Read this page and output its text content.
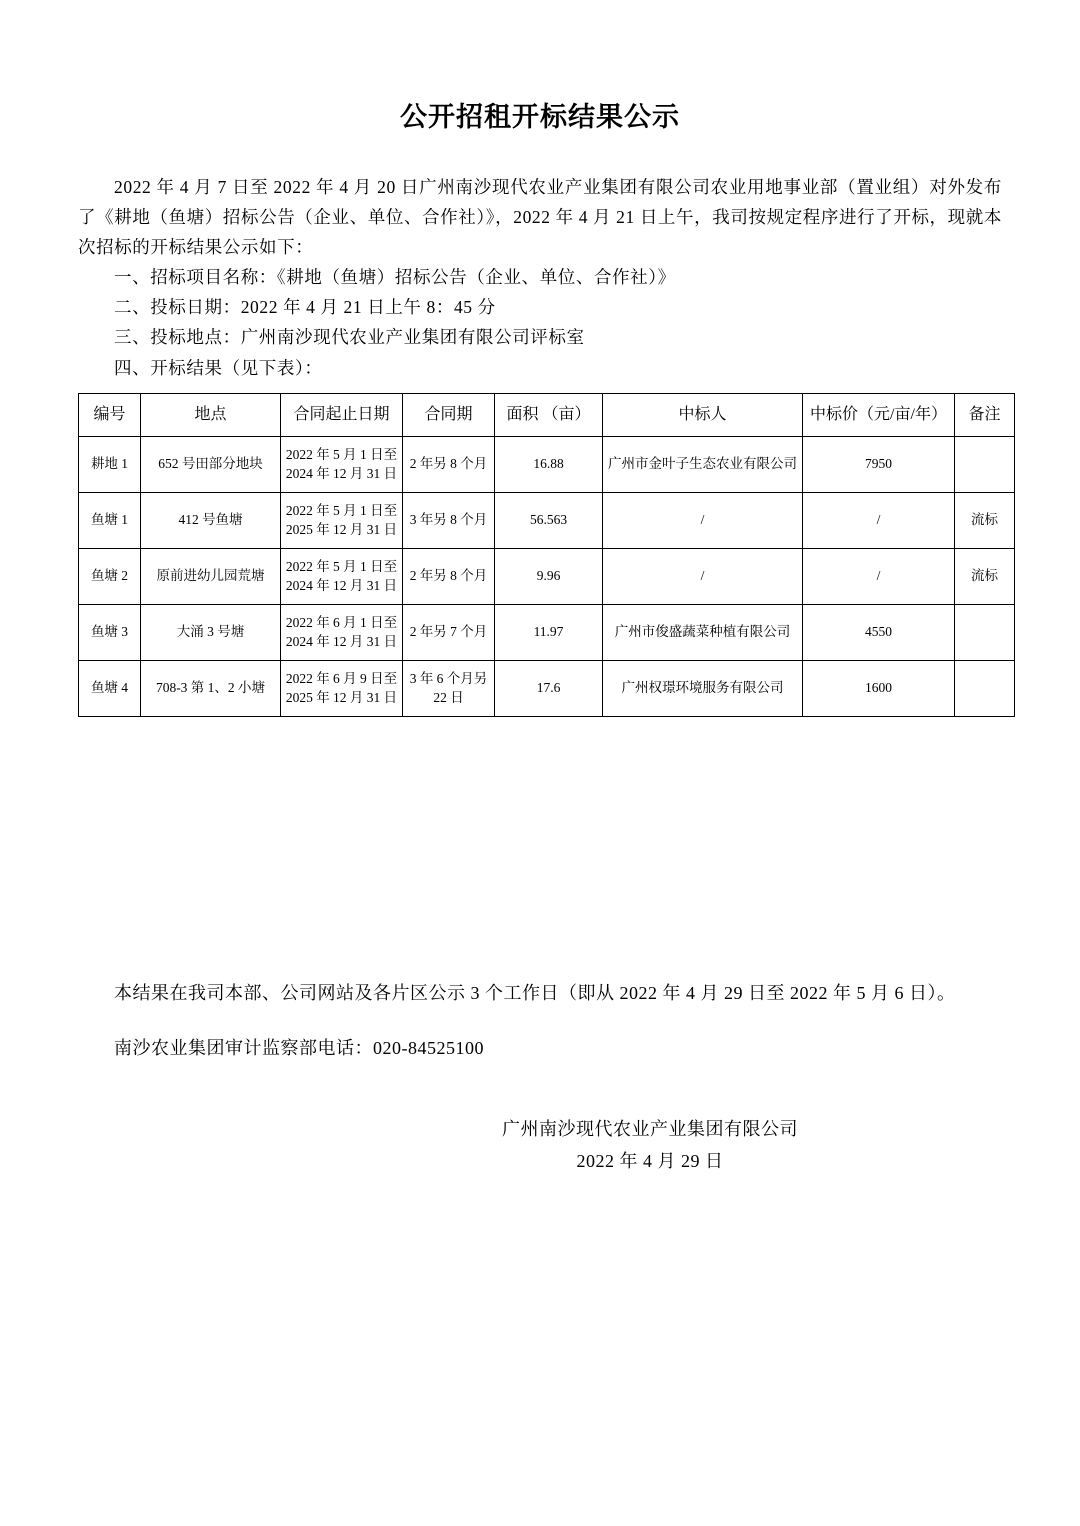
公开招租开标结果公示

2022 年 4 月 7 日至 2022 年 4 月 20 日广州南沙现代农业产业集团有限公司农业用地事业部（置业组）对外发布了《耕地（鱼塘）招标公告（企业、单位、合作社）》，2022 年 4 月 21 日上午，我司按规定程序进行了开标，现就本次招标的开标结果公示如下：

一、招标项目名称：《耕地（鱼塘）招标公告（企业、单位、合作社）》

二、投标日期：2022 年 4 月 21 日上午 8：45 分

三、投标地点：广州南沙现代农业产业集团有限公司评标室

四、开标结果（见下表）：

编号	地点	合同起止日期	合同期	面积 （亩）	中标人	中标价（元/亩/年）	备注
耕地 1	652 号田部分地块	2022 年 5 月 1 日至
2024 年 12 月 31 日	2 年另 8 个月	16.88	广州市金叶子生态农业有限公司	7950	
鱼塘 1	412 号鱼塘	2022 年 5 月 1 日至
2025 年 12 月 31 日	3 年另 8 个月	56.563	/	/	流标
鱼塘 2	原前进幼儿园荒塘	2022 年 5 月 1 日至
2024 年 12 月 31 日	2 年另 8 个月	9.96	/	/	流标
鱼塘 3	大涌 3 号塘	2022 年 6 月 1 日至
2024 年 12 月 31 日	2 年另 7 个月	11.97	广州市俊盛蔬菜种植有限公司	4550	
鱼塘 4	708-3 第 1、2 小塘	2022 年 6 月 9 日至
2025 年 12 月 31 日	3 年 6 个月另 22 日	17.6	广州权璟环境服务有限公司	1600	

本结果在我司本部、公司网站及各片区公示 3 个工作日（即从 2022 年 4 月 29 日至 2022 年 5 月 6 日）。

南沙农业集团审计监察部电话：020-84525100

广州南沙现代农业产业集团有限公司

2022 年 4 月 29 日
